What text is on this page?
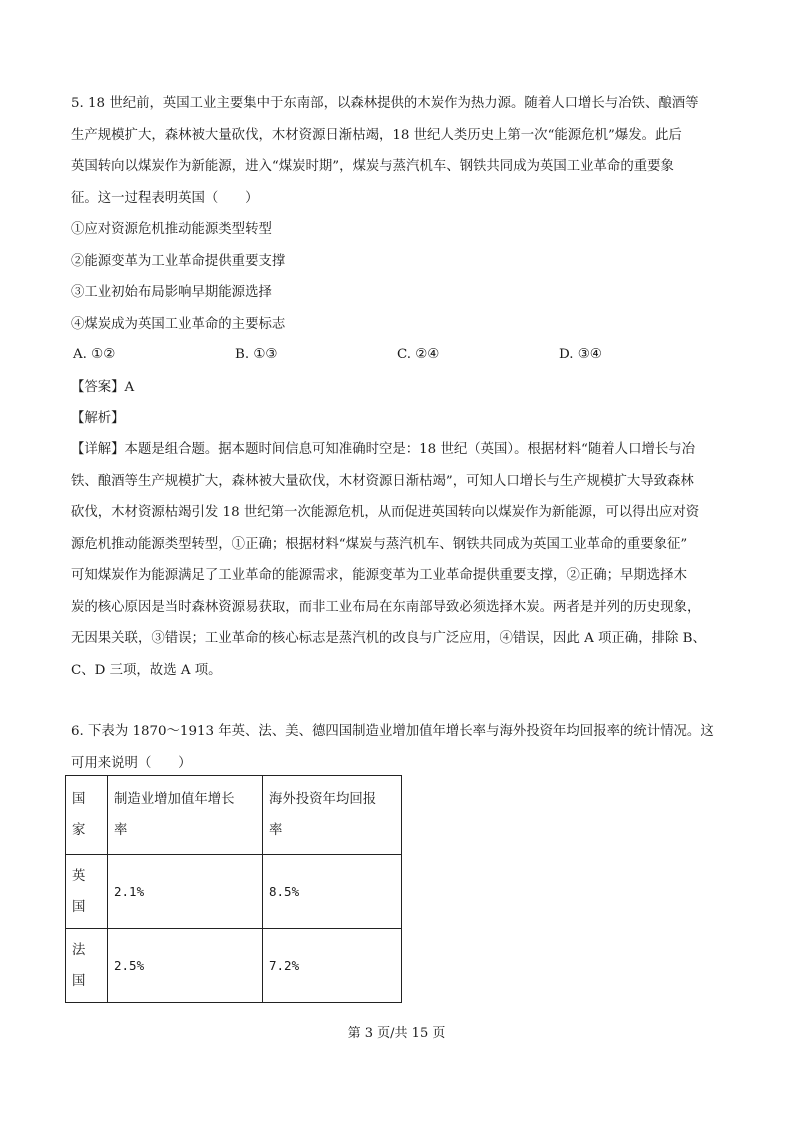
5. 18 世纪前，英国工业主要集中于东南部，以森林提供的木炭作为热力源。随着人口增长与冶铁、酿酒等
生产规模扩大，森林被大量砍伐，木材资源日渐枯竭，18 世纪人类历史上第一次“能源危机”爆发。此后
英国转向以煤炭作为新能源，进入“煤炭时期”，煤炭与蒸汽机车、钢铁共同成为英国工业革命的重要象
征。这一过程表明英国（　　）
①应对资源危机推动能源类型转型
②能源变革为工业革命提供重要支撑
③工业初始布局影响早期能源选择
④煤炭成为英国工业革命的主要标志
A. ①②	B. ①③	C. ②④	D. ③④
【答案】A
【解析】
【详解】本题是组合题。据本题时间信息可知准确时空是：18 世纪（英国）。根据材料“随着人口增长与冶
铁、酿酒等生产规模扩大，森林被大量砍伐，木材资源日渐枯竭”，可知人口增长与生产规模扩大导致森林
砍伐，木材资源枯竭引发 18 世纪第一次能源危机，从而促进英国转向以煤炭作为新能源，可以得出应对资
源危机推动能源类型转型，①正确；根据材料“煤炭与蒸汽机车、钢铁共同成为英国工业革命的重要象征”
可知煤炭作为能源满足了工业革命的能源需求，能源变革为工业革命提供重要支撑，②正确；早期选择木
炭的核心原因是当时森林资源易获取，而非工业布局在东南部导致必须选择木炭。两者是并列的历史现象，
无因果关联，③错误；工业革命的核心标志是蒸汽机的改良与广泛应用，④错误，因此 A 项正确，排除 B、
C、D 三项，故选 A 项。
6. 下表为 1870～1913 年英、法、美、德四国制造业增加值年增长率与海外投资年均回报率的统计情况。这
可用来说明（　　）
国家	制造业增加值年增长率	海外投资年均回报率

英国	2.1%	8.5%

法国	2.5%	7.2%
第 3 页/共 15 页
